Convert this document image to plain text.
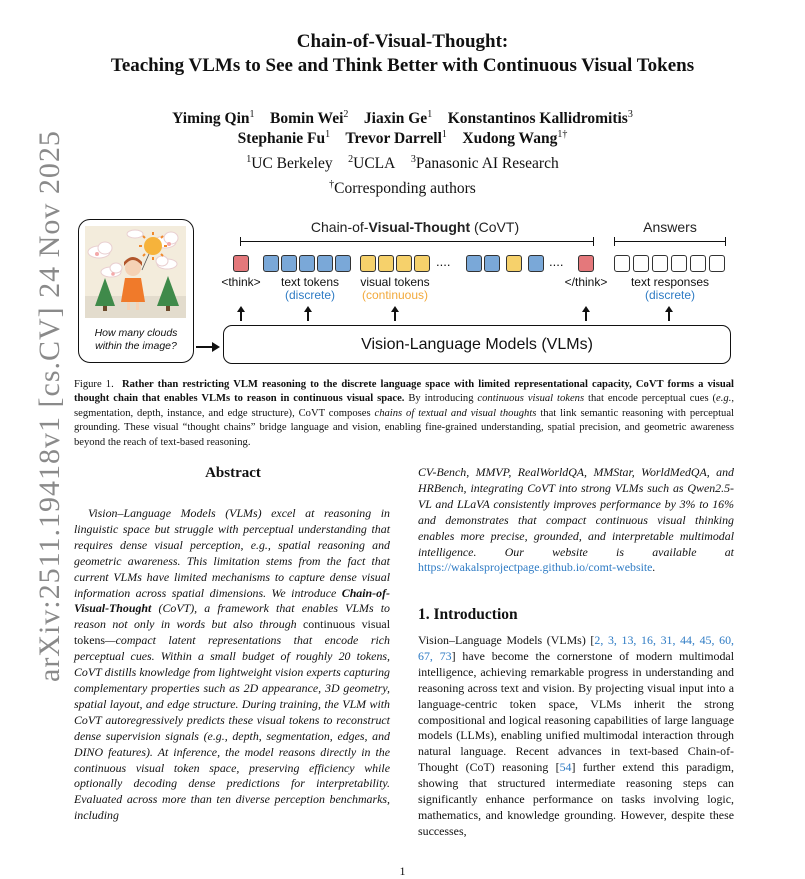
arXiv:2511.19418v1 [cs.CV] 24 Nov 2025
Chain-of-Visual-Thought:
Teaching VLMs to See and Think Better with Continuous Visual Tokens
Yiming Qin$^1$ Bomin Wei$^2$ Jiaxin Ge$^1$ Konstantinos Kallidromitis$^3$
Stephanie Fu$^1$ Trevor Darrell$^1$ Xudong Wang$^{1\dagger}$
$^1$UC Berkeley $^2$UCLA $^3$Panasonic AI Research
†Corresponding authors
How many clouds within the image?
Chain-of-Visual-Thought (CoVT)	Answers
....	....
<think>	text tokens
(discrete)
visual tokens
(continuous)
</think>	text responses
(discrete)
Vision-Language Models (VLMs)
Figure 1. Rather than restricting VLM reasoning to the discrete language space with limited representational capacity, CoVT forms a visual thought chain that enables VLMs to reason in continuous visual space. By introducing continuous visual tokens that encode perceptual cues (e.g., segmentation, depth, instance, and edge structure), CoVT composes chains of textual and visual thoughts that link semantic reasoning with perceptual grounding. These visual “thought chains” bridge language and vision, enabling fine-grained understanding, spatial precision, and geometric awareness beyond the reach of text-based reasoning.
Abstract
Vision–Language Models (VLMs) excel at reasoning in linguistic space but struggle with perceptual understanding that requires dense visual perception, e.g., spatial reasoning and geometric awareness. This limitation stems from the fact that current VLMs have limited mechanisms to capture dense visual information across spatial dimensions. We introduce Chain-of-Visual-Thought (CoVT), a framework that enables VLMs to reason not only in words but also through continuous visual tokens—compact latent representations that encode rich perceptual cues. Within a small budget of roughly 20 tokens, CoVT distills knowledge from lightweight vision experts capturing complementary properties such as 2D appearance, 3D geometry, spatial layout, and edge structure. During training, the VLM with CoVT autoregressively predicts these visual tokens to reconstruct dense supervision signals (e.g., depth, segmentation, edges, and DINO features). At inference, the model reasons directly in the continuous visual token space, preserving efficiency while optionally decoding dense predictions for interpretability. Evaluated across more than ten diverse perception benchmarks, including
CV-Bench, MMVP, RealWorldQA, MMStar, WorldMedQA, and HRBench, integrating CoVT into strong VLMs such as Qwen2.5-VL and LLaVA consistently improves performance by 3% to 16% and demonstrates that compact continuous visual thinking enables more precise, grounded, and interpretable multimodal intelligence. Our website is available at https://wakalsprojectpage.github.io/comt-website.
1. Introduction
Vision–Language Models (VLMs) [2, 3, 13, 16, 31, 44, 45, 60, 67, 73] have become the cornerstone of modern multimodal intelligence, achieving remarkable progress in understanding and reasoning across text and vision. By projecting visual input into a language-centric token space, VLMs inherit the strong compositional and logical reasoning capabilities of large language models (LLMs), enabling unified multimodal interaction through natural language. Recent advances in text-based Chain-of-Thought (CoT) reasoning [54] further extend this paradigm, showing that structured intermediate reasoning steps can significantly enhance performance on tasks involving logic, mathematics, and knowledge grounding. However, despite these successes,
1
